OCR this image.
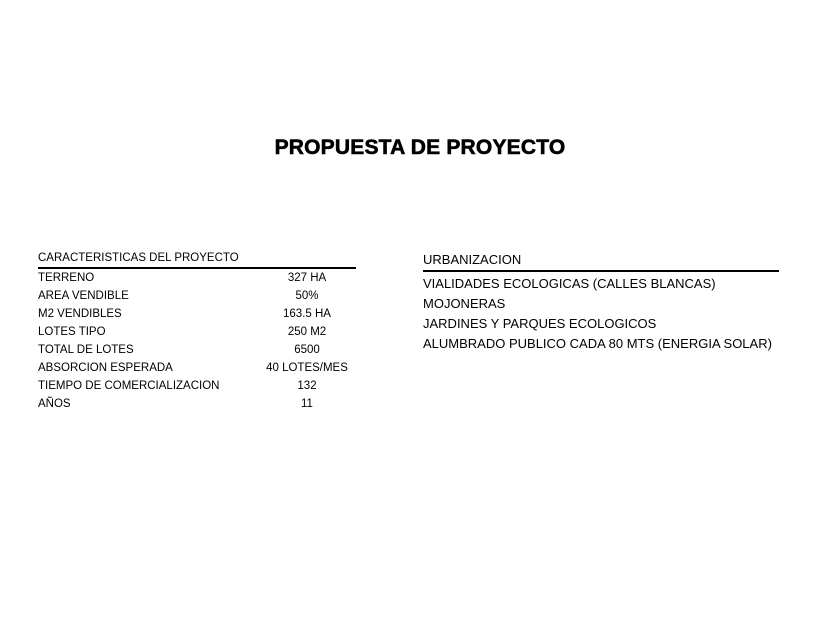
PROPUESTA DE PROYECTO
CARACTERISTICAS DEL PROYECTO
TERRENO	327 HA
AREA VENDIBLE	50%
M2 VENDIBLES	163.5 HA
LOTES TIPO	250 M2
TOTAL DE LOTES	6500
ABSORCION ESPERADA	40 LOTES/MES
TIEMPO DE COMERCIALIZACION	132
AÑOS	11
URBANIZACION
VIALIDADES ECOLOGICAS (CALLES BLANCAS)
MOJONERAS
JARDINES Y PARQUES ECOLOGICOS
ALUMBRADO PUBLICO CADA 80 MTS (ENERGIA SOLAR)
